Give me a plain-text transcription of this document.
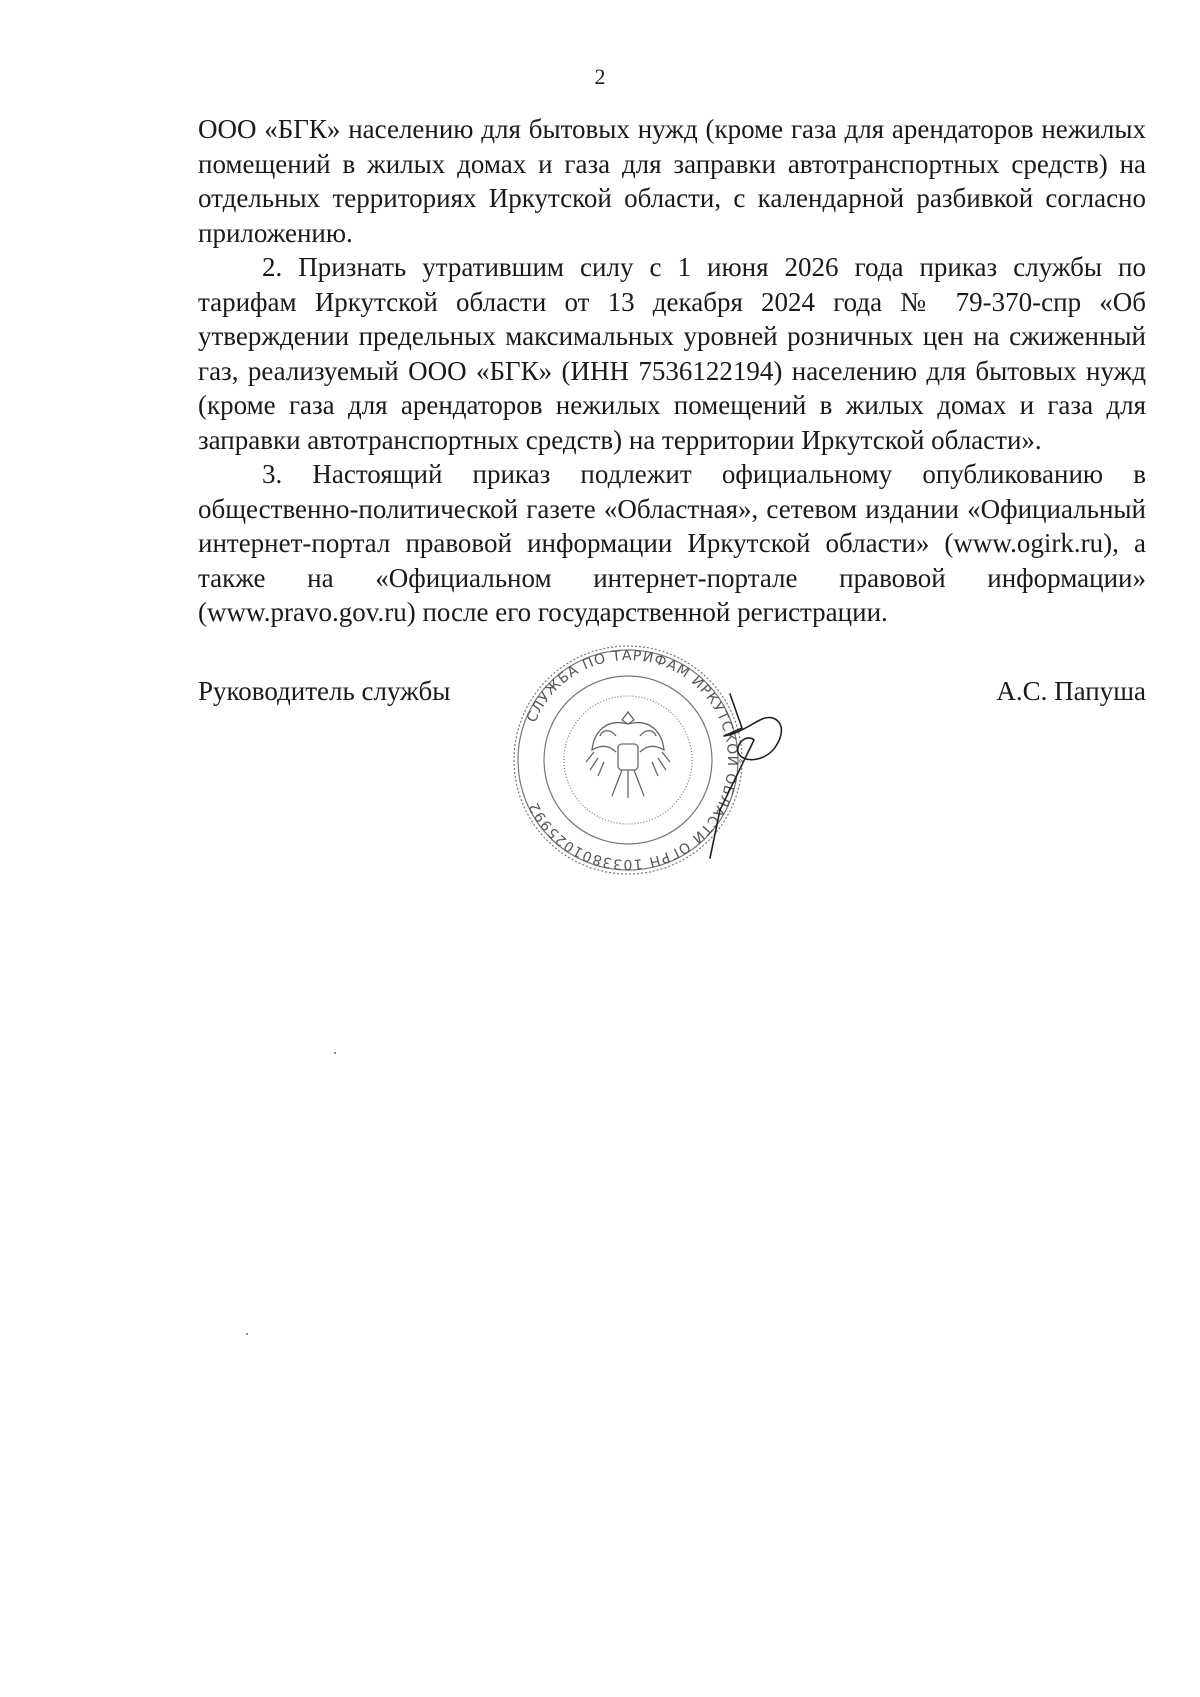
2

ООО «БГК» населению для бытовых нужд (кроме газа для арендаторов нежилых помещений в жилых домах и газа для заправки автотранспортных средств) на отдельных территориях Иркутской области, с календарной разбивкой согласно приложению.

2. Признать утратившим силу с 1 июня 2026 года приказ службы по тарифам Иркутской области от 13 декабря 2024 года № 79-370-спр «Об утверждении предельных максимальных уровней розничных цен на сжиженный газ, реализуемый ООО «БГК» (ИНН 7536122194) населению для бытовых нужд (кроме газа для арендаторов нежилых помещений в жилых домах и газа для заправки автотранспортных средств) на территории Иркутской области».

3. Настоящий приказ подлежит официальному опубликованию в общественно-политической газете «Областная», сетевом издании «Официальный интернет-портал правовой информации Иркутской области» (www.ogirk.ru), а также на «Официальном интернет-портале правовой информации» (www.pravo.gov.ru) после его государственной регистрации.

Руководитель службы	А.С. Папуша
СЛУЖБА ПО ТАРИФАМ ИРКУТСКОЙ ОБЛАСТИ ОГРН 1033801025992
